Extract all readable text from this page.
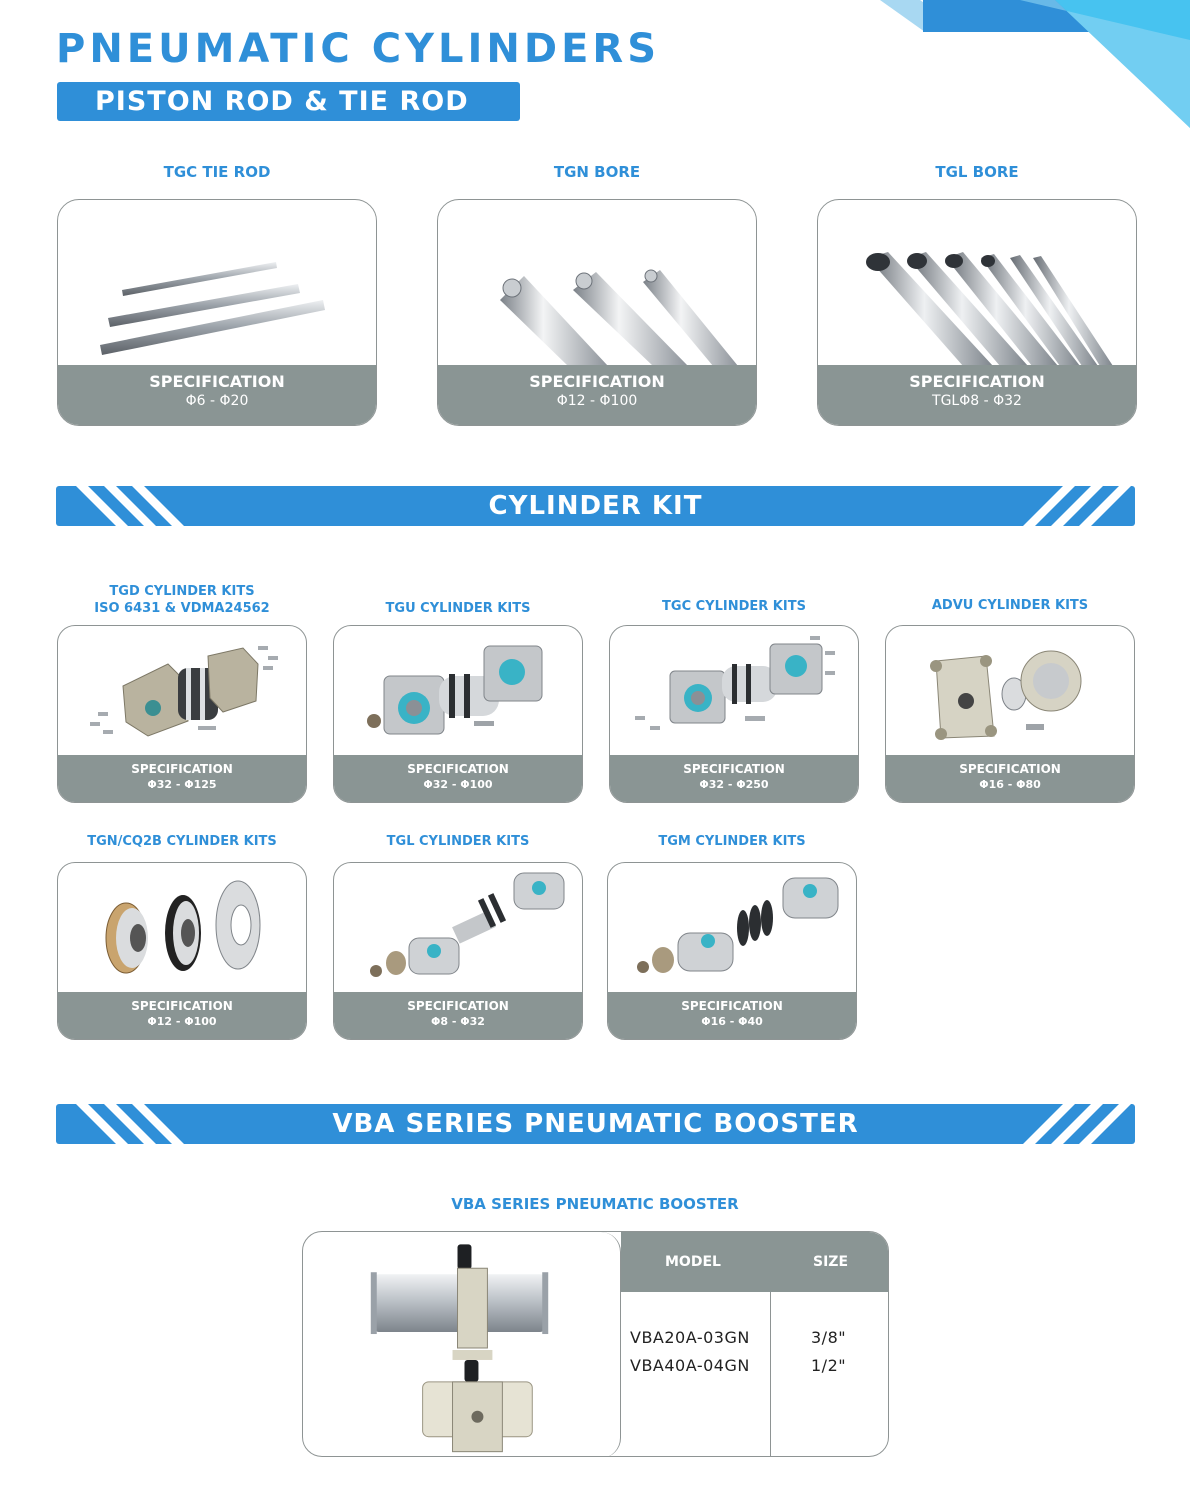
PNEUMATIC CYLINDERS
PISTON ROD & TIE ROD
TGC TIE ROD
SPECIFICATION
Φ6 - Φ20
TGN BORE
SPECIFICATION
Φ12 - Φ100
TGL BORE
SPECIFICATION
TGLΦ8 - Φ32
CYLINDER KIT
TGD CYLINDER KITS
ISO 6431 & VDMA24562
SPECIFICATION
Φ32 - Φ125
TGU CYLINDER KITS
SPECIFICATION
Φ32 - Φ100
TGC CYLINDER KITS
SPECIFICATION
Φ32 - Φ250
ADVU CYLINDER KITS
SPECIFICATION
Φ16 - Φ80
TGN/CQ2B CYLINDER KITS
SPECIFICATION
Φ12 - Φ100
TGL CYLINDER KITS
SPECIFICATION
Φ8 - Φ32
TGM CYLINDER KITS
SPECIFICATION
Φ16 - Φ40
VBA SERIES PNEUMATIC BOOSTER
VBA SERIES PNEUMATIC BOOSTER
MODEL	SIZE
VBA20A-03GN
VBA40A-04GN
3/8"
1/2"
